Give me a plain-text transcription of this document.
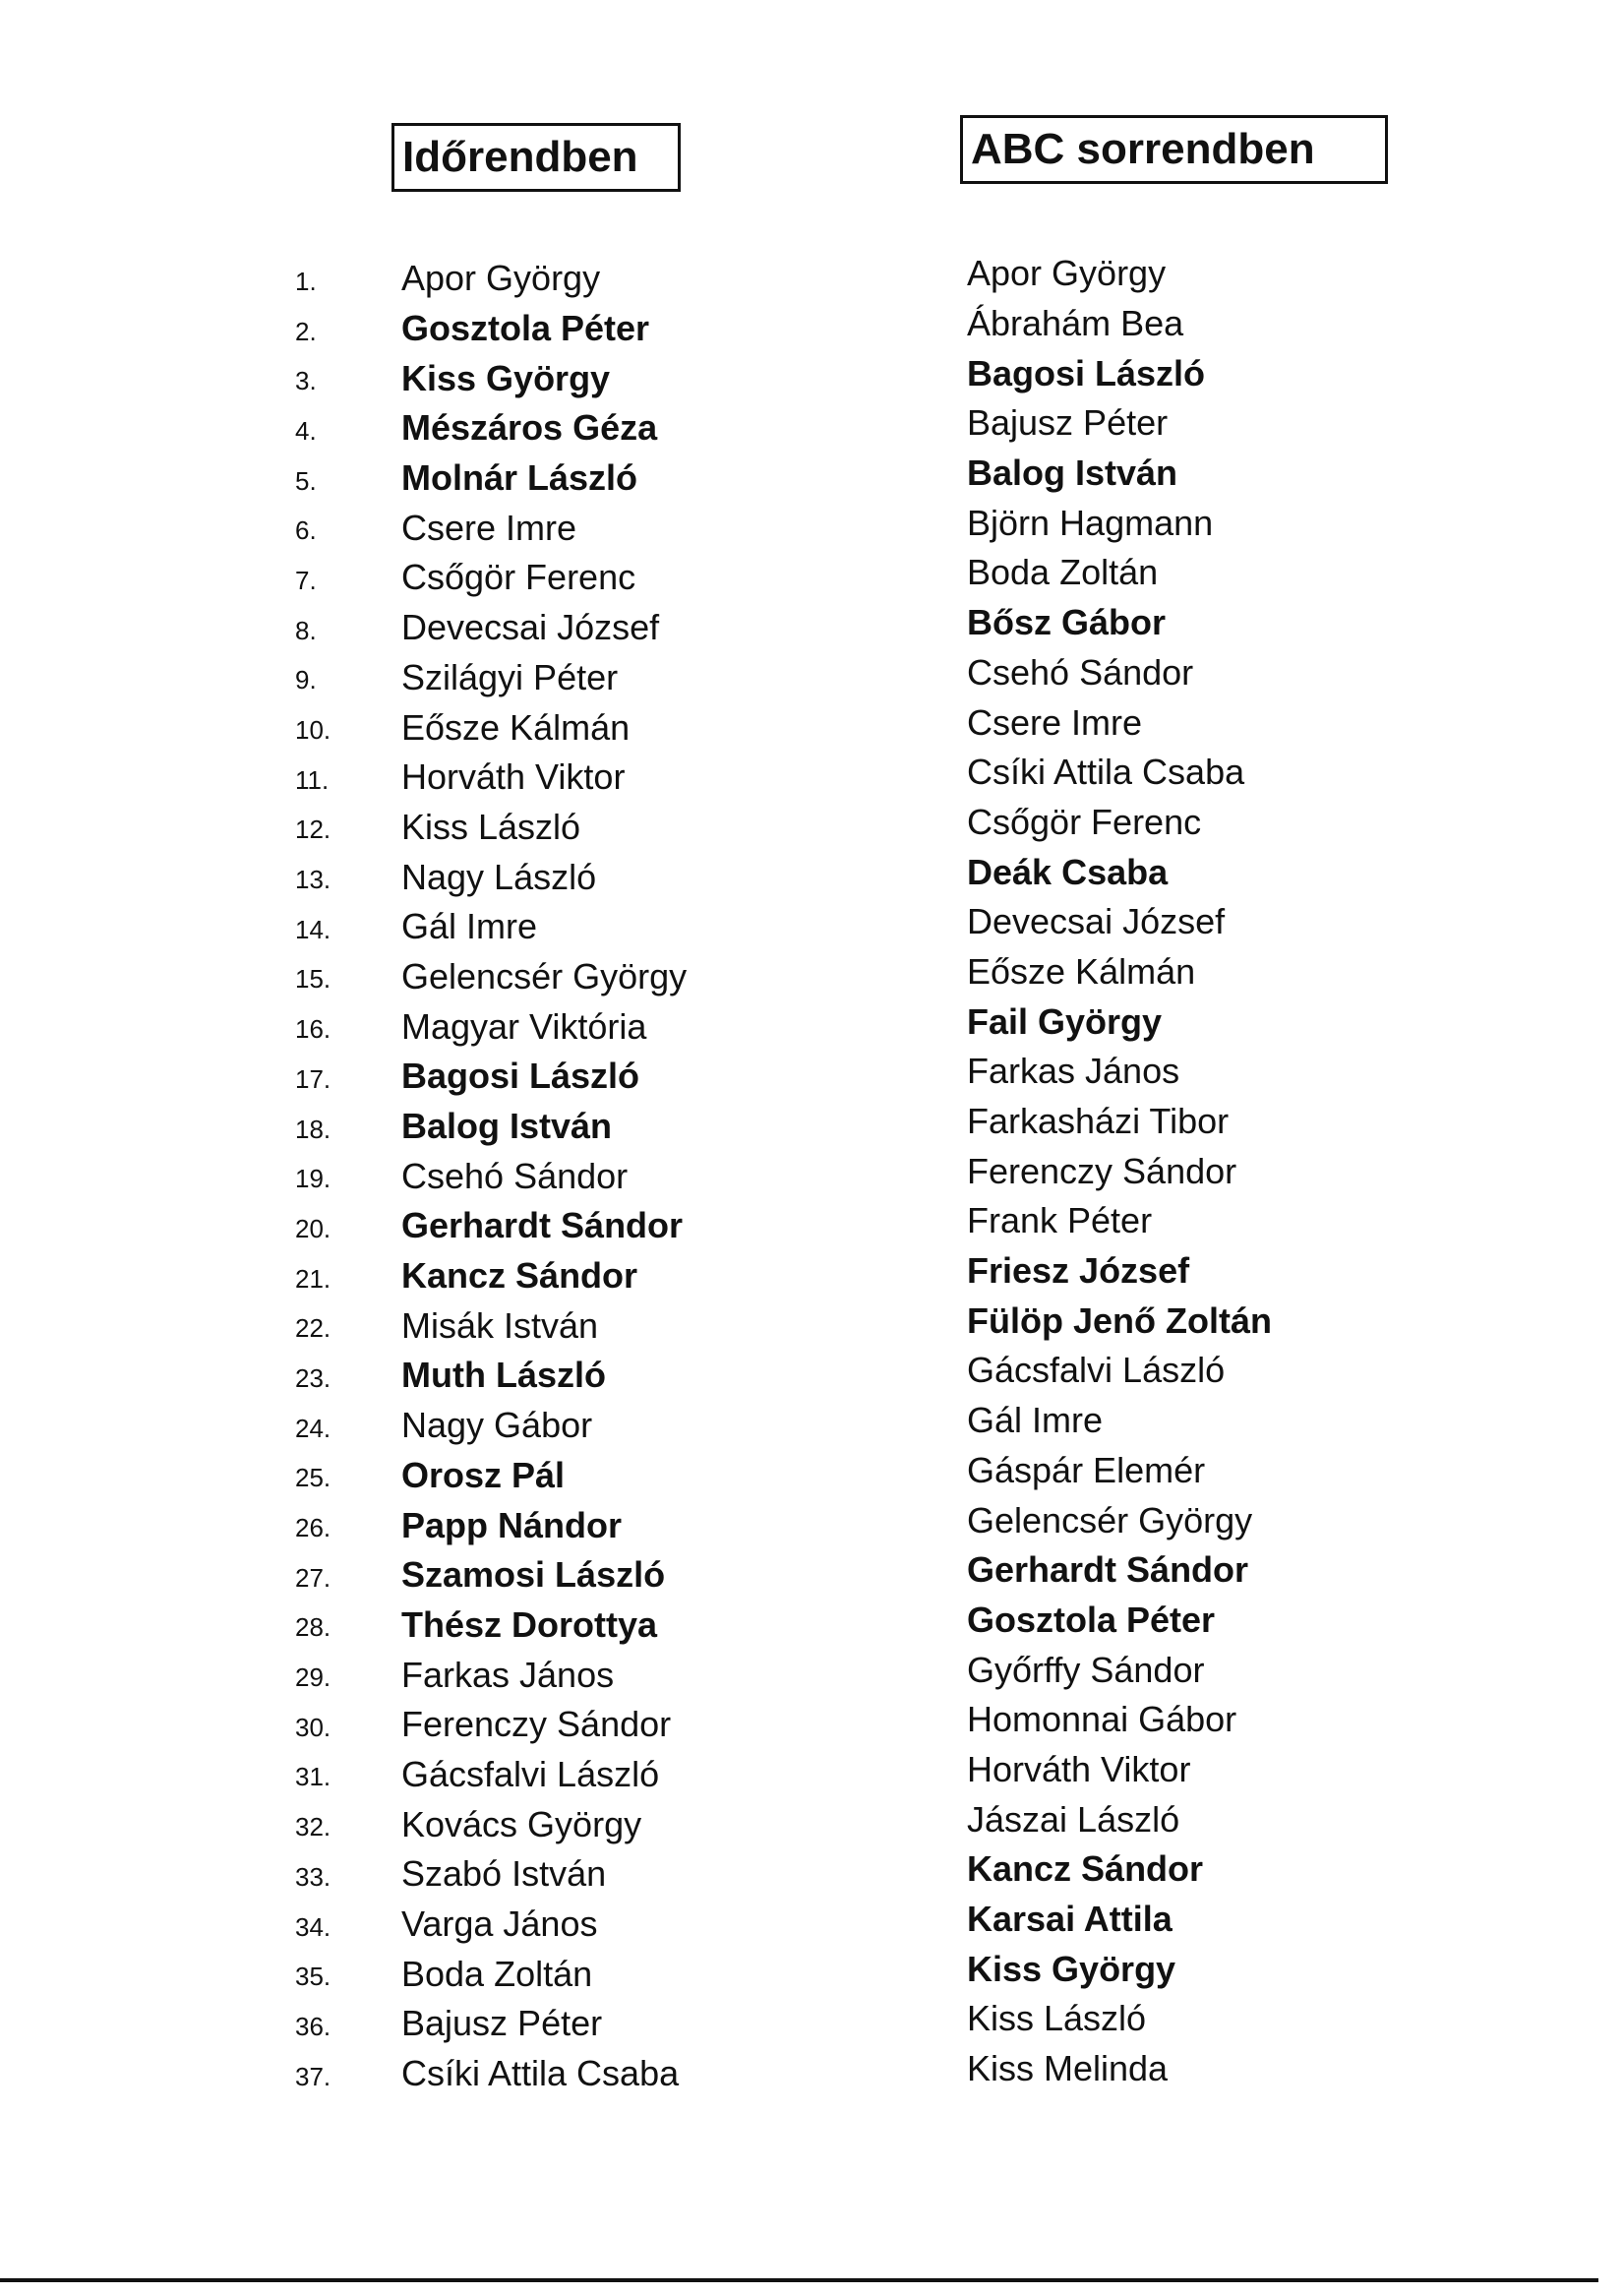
Időrendben	ABC sorrendben
1.	Apor György
2.	Gosztola Péter
3.	Kiss György
4.	Mészáros Géza
5.	Molnár László
6.	Csere Imre
7.	Csőgör Ferenc
8.	Devecsai József
9.	Szilágyi Péter
10.	Eősze Kálmán
11.	Horváth Viktor
12.	Kiss László
13.	Nagy László
14.	Gál Imre
15.	Gelencsér György
16.	Magyar Viktória
17.	Bagosi László
18.	Balog István
19.	Csehó Sándor
20.	Gerhardt Sándor
21.	Kancz Sándor
22.	Misák István
23.	Muth László
24.	Nagy Gábor
25.	Orosz Pál
26.	Papp Nándor
27.	Szamosi László
28.	Thész Dorottya
29.	Farkas János
30.	Ferenczy Sándor
31.	Gácsfalvi László
32.	Kovács György
33.	Szabó István
34.	Varga János
35.	Boda Zoltán
36.	Bajusz Péter
37.	Csíki Attila Csaba
Apor György
Ábrahám Bea
Bagosi László
Bajusz Péter
Balog István
Björn Hagmann
Boda Zoltán
Bősz Gábor
Csehó Sándor
Csere Imre
Csíki Attila Csaba
Csőgör Ferenc
Deák Csaba
Devecsai József
Eősze Kálmán
Fail György
Farkas János
Farkasházi Tibor
Ferenczy Sándor
Frank Péter
Friesz József
Fülöp Jenő Zoltán
Gácsfalvi László
Gál Imre
Gáspár Elemér
Gelencsér György
Gerhardt Sándor
Gosztola Péter
Győrffy Sándor
Homonnai Gábor
Horváth Viktor
Jászai László
Kancz Sándor
Karsai Attila
Kiss György
Kiss László
Kiss Melinda
